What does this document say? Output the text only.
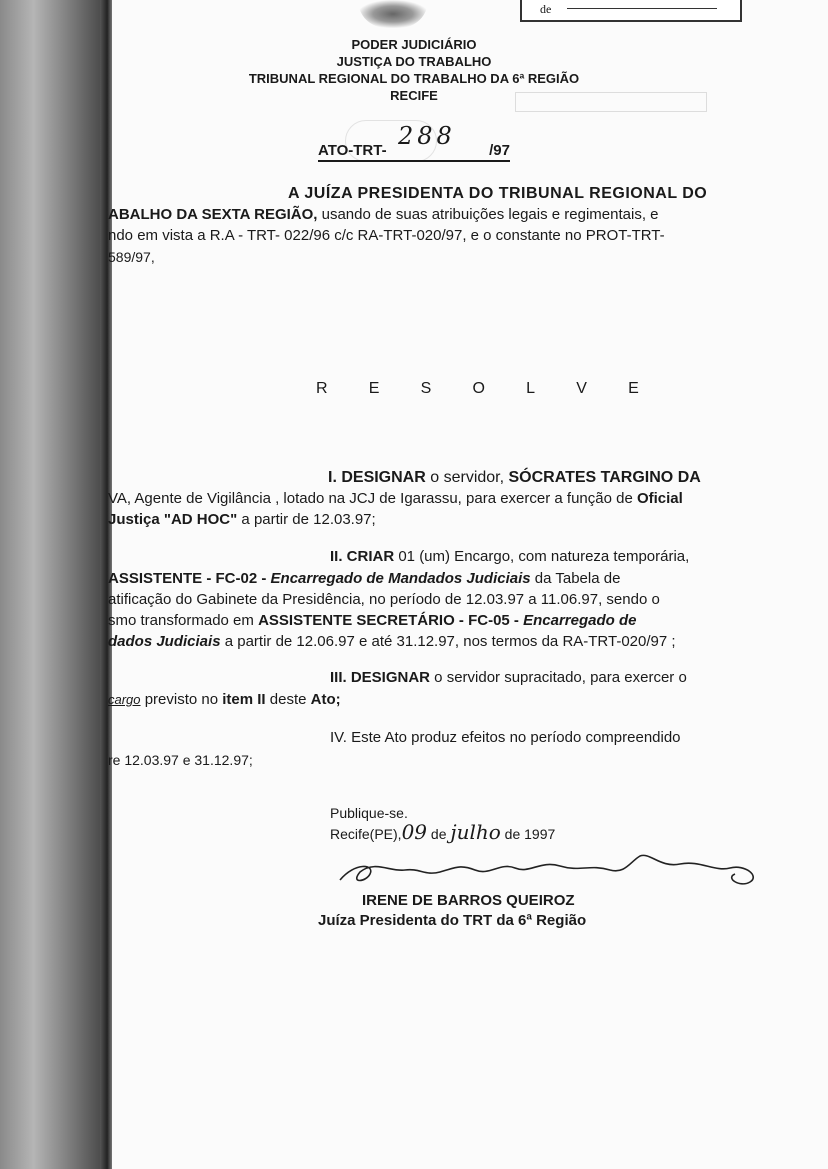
de
PODER JUDICIÁRIO
JUSTIÇA DO TRABALHO
TRIBUNAL REGIONAL DO TRABALHO DA 6ª REGIÃO
RECIFE
ATO-TRT-
288
/97
A JUÍZA PRESIDENTA DO TRIBUNAL REGIONAL DO
ABALHO DA SEXTA REGIÃO, usando de suas atribuições legais e regimentais, e
ndo em vista a R.A - TRT- 022/96 c/c RA-TRT-020/97, e o constante no PROT-TRT-
589/97,
R E S O L V E
I. DESIGNAR o servidor, SÓCRATES TARGINO DA
VA, Agente de Vigilância , lotado na JCJ de Igarassu, para exercer a função de Oficial
Justiça "AD HOC" a partir de 12.03.97;
II. CRIAR 01 (um) Encargo, com natureza temporária,
ASSISTENTE - FC-02 - Encarregado de Mandados Judiciais da Tabela de
atificação do Gabinete da Presidência, no período de 12.03.97 a 11.06.97, sendo o
smo transformado em ASSISTENTE SECRETÁRIO - FC-05 - Encarregado de
dados Judiciais a partir de 12.06.97 e até 31.12.97, nos termos da RA-TRT-020/97 ;
III. DESIGNAR o servidor supracitado, para exercer o
cargo previsto no item II deste Ato;
IV. Este Ato produz efeitos no período compreendido
re 12.03.97 e 31.12.97;
Publique-se.
Recife(PE),09 de julho de 1997
IRENE DE BARROS QUEIROZ
Juíza Presidenta do TRT da 6ª Região
